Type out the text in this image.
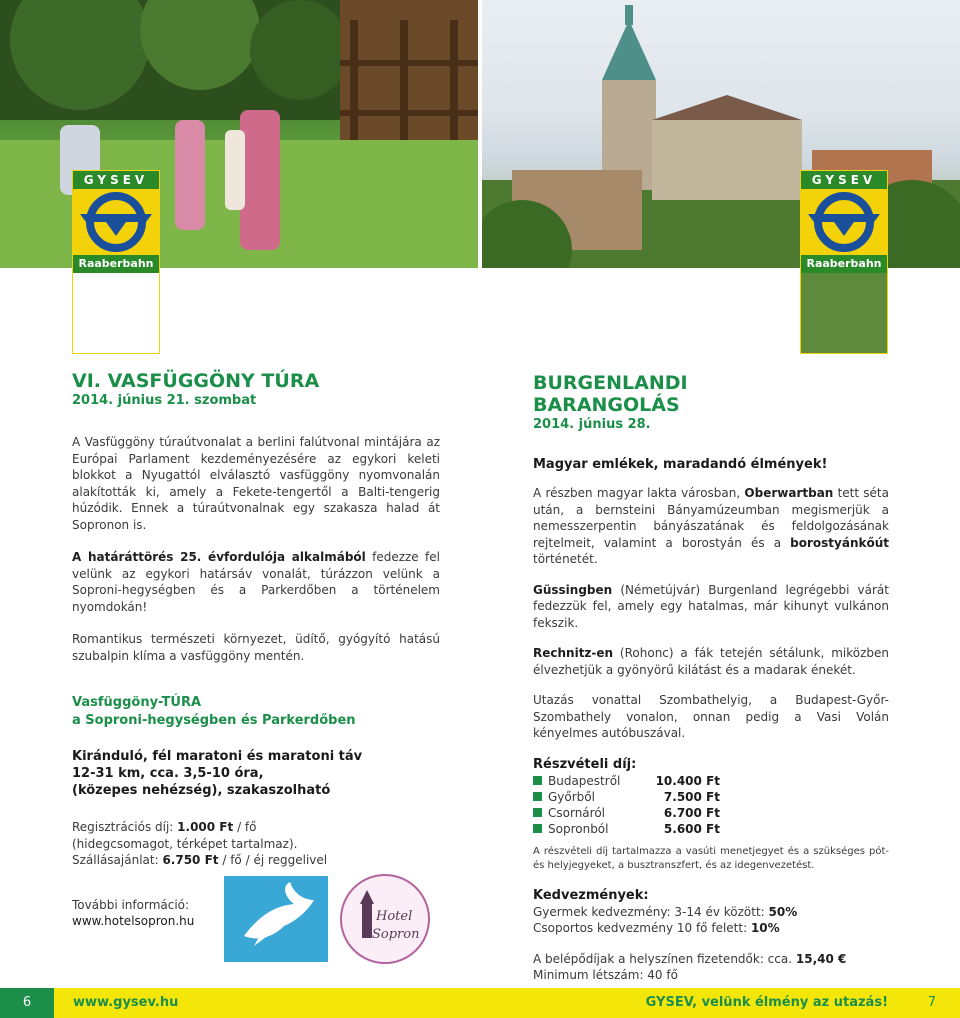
GYSEV
Raaberbahn
GYSEV
Raaberbahn
VI. VASFÜGGÖNY TÚRA
2014. június 21. szombat

A Vasfüggöny túraútvonalat a berlini falútvonal mintájára az Európai Parlament kezdeményezésére az egykori keleti blokkot a Nyugattól elválasztó vasfüggöny nyomvonalán alakították ki, amely a Fekete-tengertől a Balti-tengerig húzódik. Ennek a túraútvonalnak egy szakasza halad át Sopronon is.

A határáttörés 25. évfordulója alkalmából fedezze fel velünk az egykori határsáv vonalát, túrázzon velünk a Soproni-hegységben és a Parkerdőben a történelem nyomdokán!

Romantikus természeti környezet, üdítő, gyógyító hatású szubalpin klíma a vasfüggöny mentén.

Vasfüggöny-TÚRA
a Soproni-hegységben és Parkerdőben
Kiránduló, fél maratoni és maratoni táv
12-31 km, cca. 3,5-10 óra,
(közepes nehézség), szakaszolható

Regisztrációs díj: 1.000 Ft / fő

(hidegcsomagot, térképet tartalmaz).

Szállásajánlat: 6.750 Ft / fő / éj reggelivel

További információ:

www.hotelsopron.hu	Hotel
Sopron
BURGENLANDI
BARANGOLÁS
2014. június 28.
Magyar emlékek, maradandó élmények!

A részben magyar lakta városban, Oberwartban tett séta után, a bernsteini Bányamúzeumban megismerjük a nemesszerpentin bányászatának és feldolgozásának rejtelmeit, valamint a borostyán és a borostyánkőút történetét.

Güssingben (Németújvár) Burgenland legrégebbi várát fedezzük fel, amely egy hatalmas, már kihunyt vulkánon fekszik.

Rechnitz-en (Rohonc) a fák tetején sétálunk, miközben élvezhetjük a gyönyörű kilátást és a madarak énekét.

Utazás vonattal Szombathelyig, a Budapest-Győr-Szombathely vonalon, onnan pedig a Vasi Volán kényelmes autóbuszával.

Részvételi díj:
Budapestről	10.400 Ft
Győrből	7.500 Ft
Csornáról	6.700 Ft
Sopronból	5.600 Ft

A részvételi díj tartalmazza a vasúti menetjegyet és a szükséges pót- és helyjegyeket, a busztranszfert, és az idegenvezetést.

Kedvezmények:

Gyermek kedvezmény: 3-14 év között: 50%

Csoportos kedvezmény 10 fő felett: 10%

A belépődíjak a helyszínen fizetendők: cca. 15,40 €

Minimum létszám: 40 fő

6	www.gysev.hu	GYSEV, velünk élmény az utazás!	7
